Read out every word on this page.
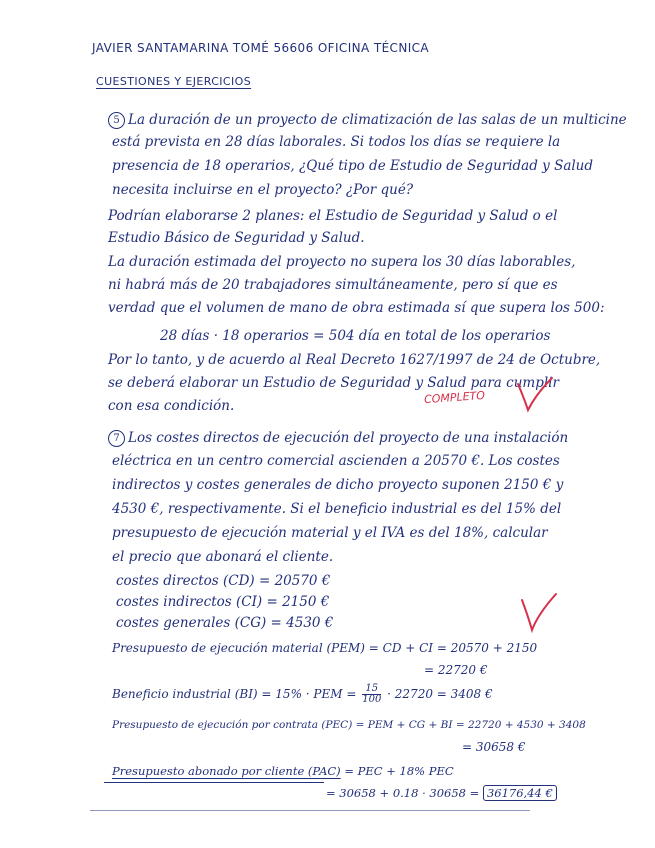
JAVIER SANTAMARINA TOMÉ 56606 OFICINA TÉCNICA
CUESTIONES Y EJERCICIOS
5 La duración de un proyecto de climatización de las salas de un multicine
está prevista en 28 días laborales. Si todos los días se requiere la
presencia de 18 operarios, ¿Qué tipo de Estudio de Seguridad y Salud
necesita incluirse en el proyecto? ¿Por qué?
Podrían elaborarse 2 planes: el Estudio de Seguridad y Salud o el
Estudio Básico de Seguridad y Salud.
La duración estimada del proyecto no supera los 30 días laborables,
ni habrá más de 20 trabajadores simultáneamente, pero sí que es
verdad que el volumen de mano de obra estimada sí que supera los 500:
28 días · 18 operarios = 504 día en total de los operarios
Por lo tanto, y de acuerdo al Real Decreto 1627/1997 de 24 de Octubre,
se deberá elaborar un Estudio de Seguridad y Salud para cumplir
con esa condición.	COMPLETO
7 Los costes directos de ejecución del proyecto de una instalación
eléctrica en un centro comercial ascienden a 20570 €. Los costes
indirectos y costes generales de dicho proyecto suponen 2150 € y
4530 €, respectivamente. Si el beneficio industrial es del 15% del
presupuesto de ejecución material y el IVA es del 18%, calcular
el precio que abonará el cliente.
costes directos (CD) = 20570 €
costes indirectos (CI) = 2150 €
costes generales (CG) = 4530 €
Presupuesto de ejecución material (PEM) = CD + CI = 20570 + 2150
= 22720 €
Beneficio industrial (BI) = 15% · PEM = $\frac{15}{100} \cdot 22720 = 3408$ €
Presupuesto de ejecución por contrata (PEC) = PEM + CG + BI = 22720 + 4530 + 3408
= 30658 €
Presupuesto abonado por cliente (PAC) = PEC + 18% PEC
= 30658 + 0.18 · 30658 = 36176,44 €
